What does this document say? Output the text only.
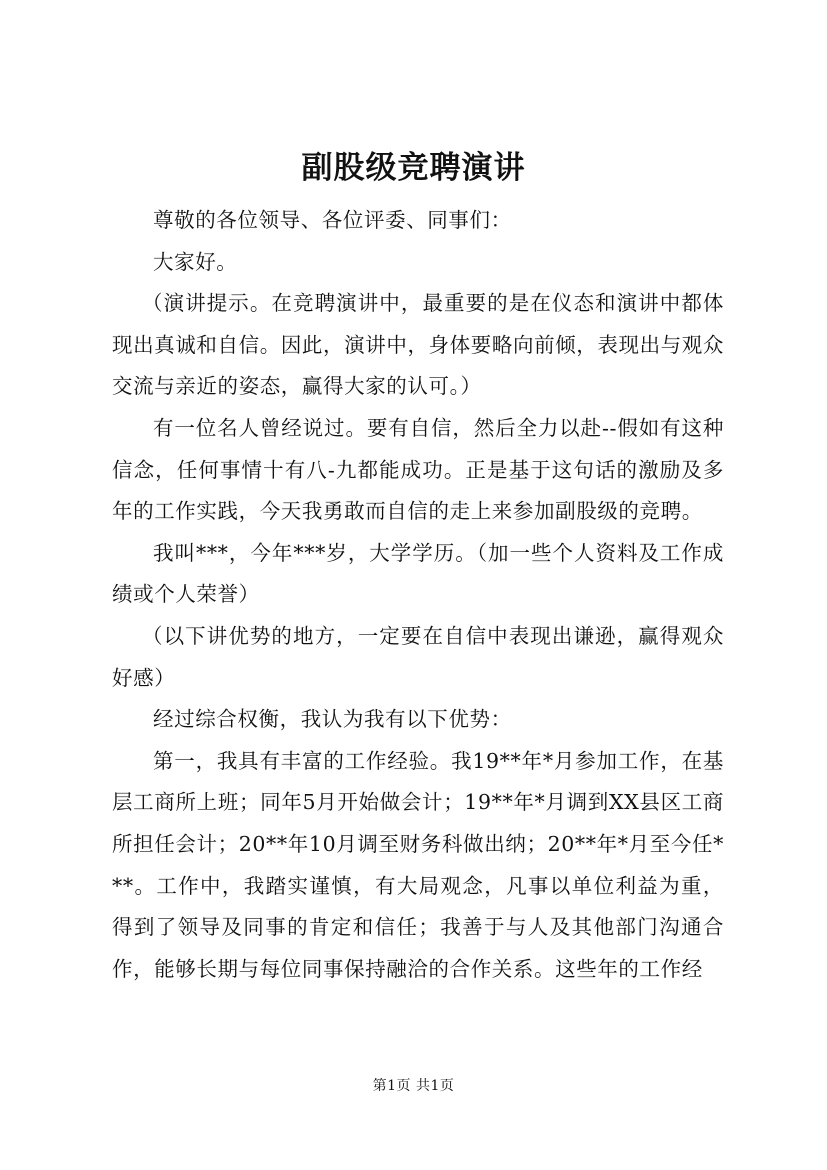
副股级竞聘演讲

尊敬的各位领导、各位评委、同事们：

大家好。

（演讲提示。在竞聘演讲中，最重要的是在仪态和演讲中都体现出真诚和自信。因此，演讲中，身体要略向前倾，表现出与观众交流与亲近的姿态，赢得大家的认可。）

有一位名人曾经说过。要有自信，然后全力以赴--假如有这种信念，任何事情十有八-九都能成功。正是基于这句话的激励及多年的工作实践，今天我勇敢而自信的走上来参加副股级的竞聘。

我叫***，今年***岁，大学学历。（加一些个人资料及工作成绩或个人荣誉）

（以下讲优势的地方，一定要在自信中表现出谦逊，赢得观众好感）

经过综合权衡，我认为我有以下优势：

第一，我具有丰富的工作经验。我19**年*月参加工作，在基层工商所上班；同年5月开始做会计；19**年*月调到XX县区工商所担任会计；20**年10月调至财务科做出纳；20**年*月至今任***。工作中，我踏实谨慎，有大局观念，凡事以单位利益为重，得到了领导及同事的肯定和信任；我善于与人及其他部门沟通合作，能够长期与每位同事保持融洽的合作关系。这些年的工作经

第1页 共1页
